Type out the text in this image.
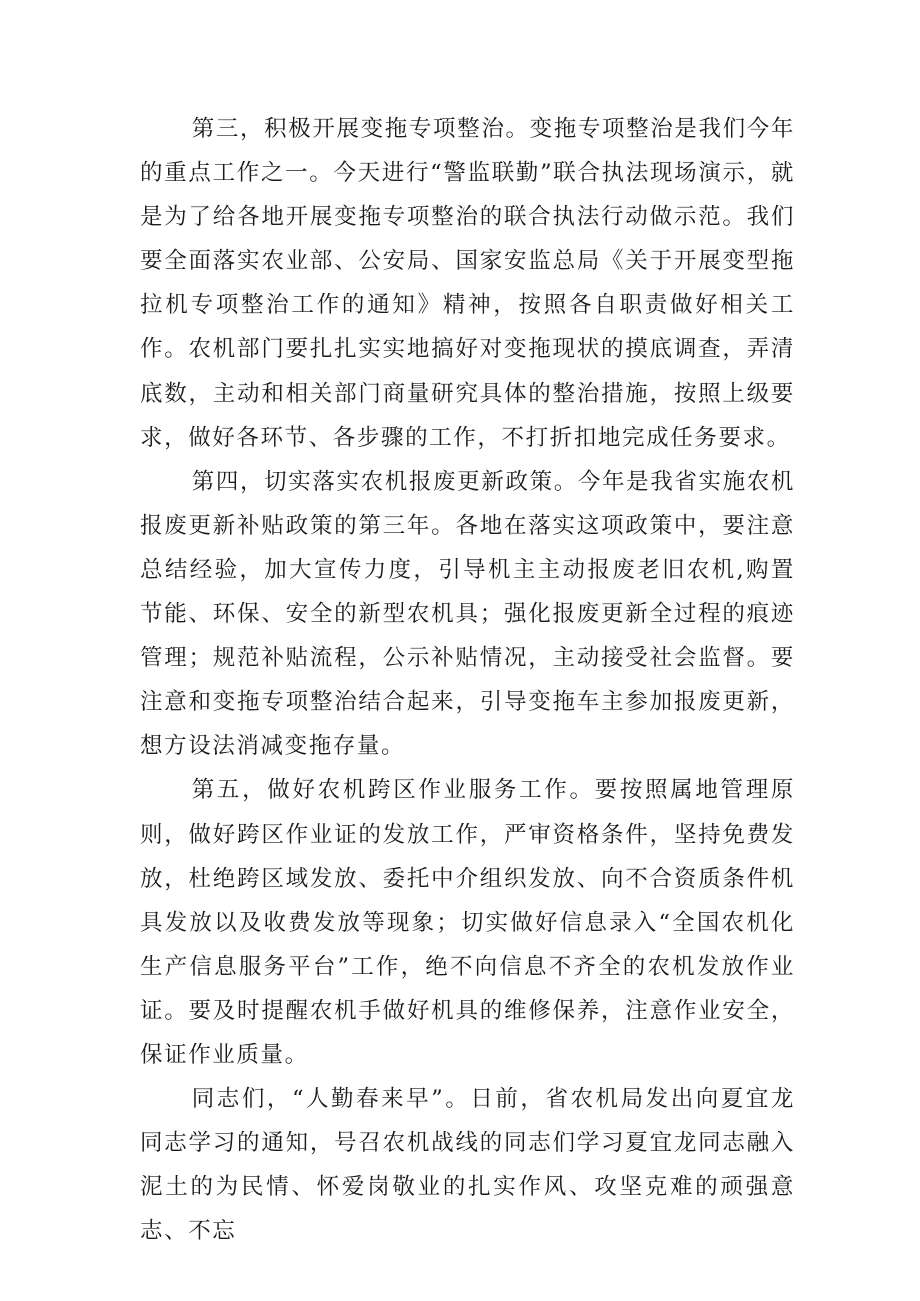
第三，积极开展变拖专项整治。变拖专项整治是我们今年的重点工作之一。今天进行“警监联勤”联合执法现场演示，就是为了给各地开展变拖专项整治的联合执法行动做示范。我们要全面落实农业部、公安局、国家安监总局《关于开展变型拖拉机专项整治工作的通知》精神，按照各自职责做好相关工作。农机部门要扎扎实实地搞好对变拖现状的摸底调查，弄清底数，主动和相关部门商量研究具体的整治措施，按照上级要求，做好各环节、各步骤的工作，不打折扣地完成任务要求。

第四，切实落实农机报废更新政策。今年是我省实施农机报废更新补贴政策的第三年。各地在落实这项政策中，要注意总结经验，加大宣传力度，引导机主主动报废老旧农机,购置节能、环保、安全的新型农机具；强化报废更新全过程的痕迹管理；规范补贴流程，公示补贴情况，主动接受社会监督。要注意和变拖专项整治结合起来，引导变拖车主参加报废更新，想方设法消减变拖存量。

第五，做好农机跨区作业服务工作。要按照属地管理原则，做好跨区作业证的发放工作，严审资格条件，坚持免费发放，杜绝跨区域发放、委托中介组织发放、向不合资质条件机具发放以及收费发放等现象；切实做好信息录入“全国农机化生产信息服务平台”工作，绝不向信息不齐全的农机发放作业证。要及时提醒农机手做好机具的维修保养，注意作业安全，保证作业质量。

同志们，“人勤春来早”。日前，省农机局发出向夏宜龙同志学习的通知，号召农机战线的同志们学习夏宜龙同志融入泥土的为民情、怀爱岗敬业的扎实作风、攻坚克难的顽强意志、不忘
